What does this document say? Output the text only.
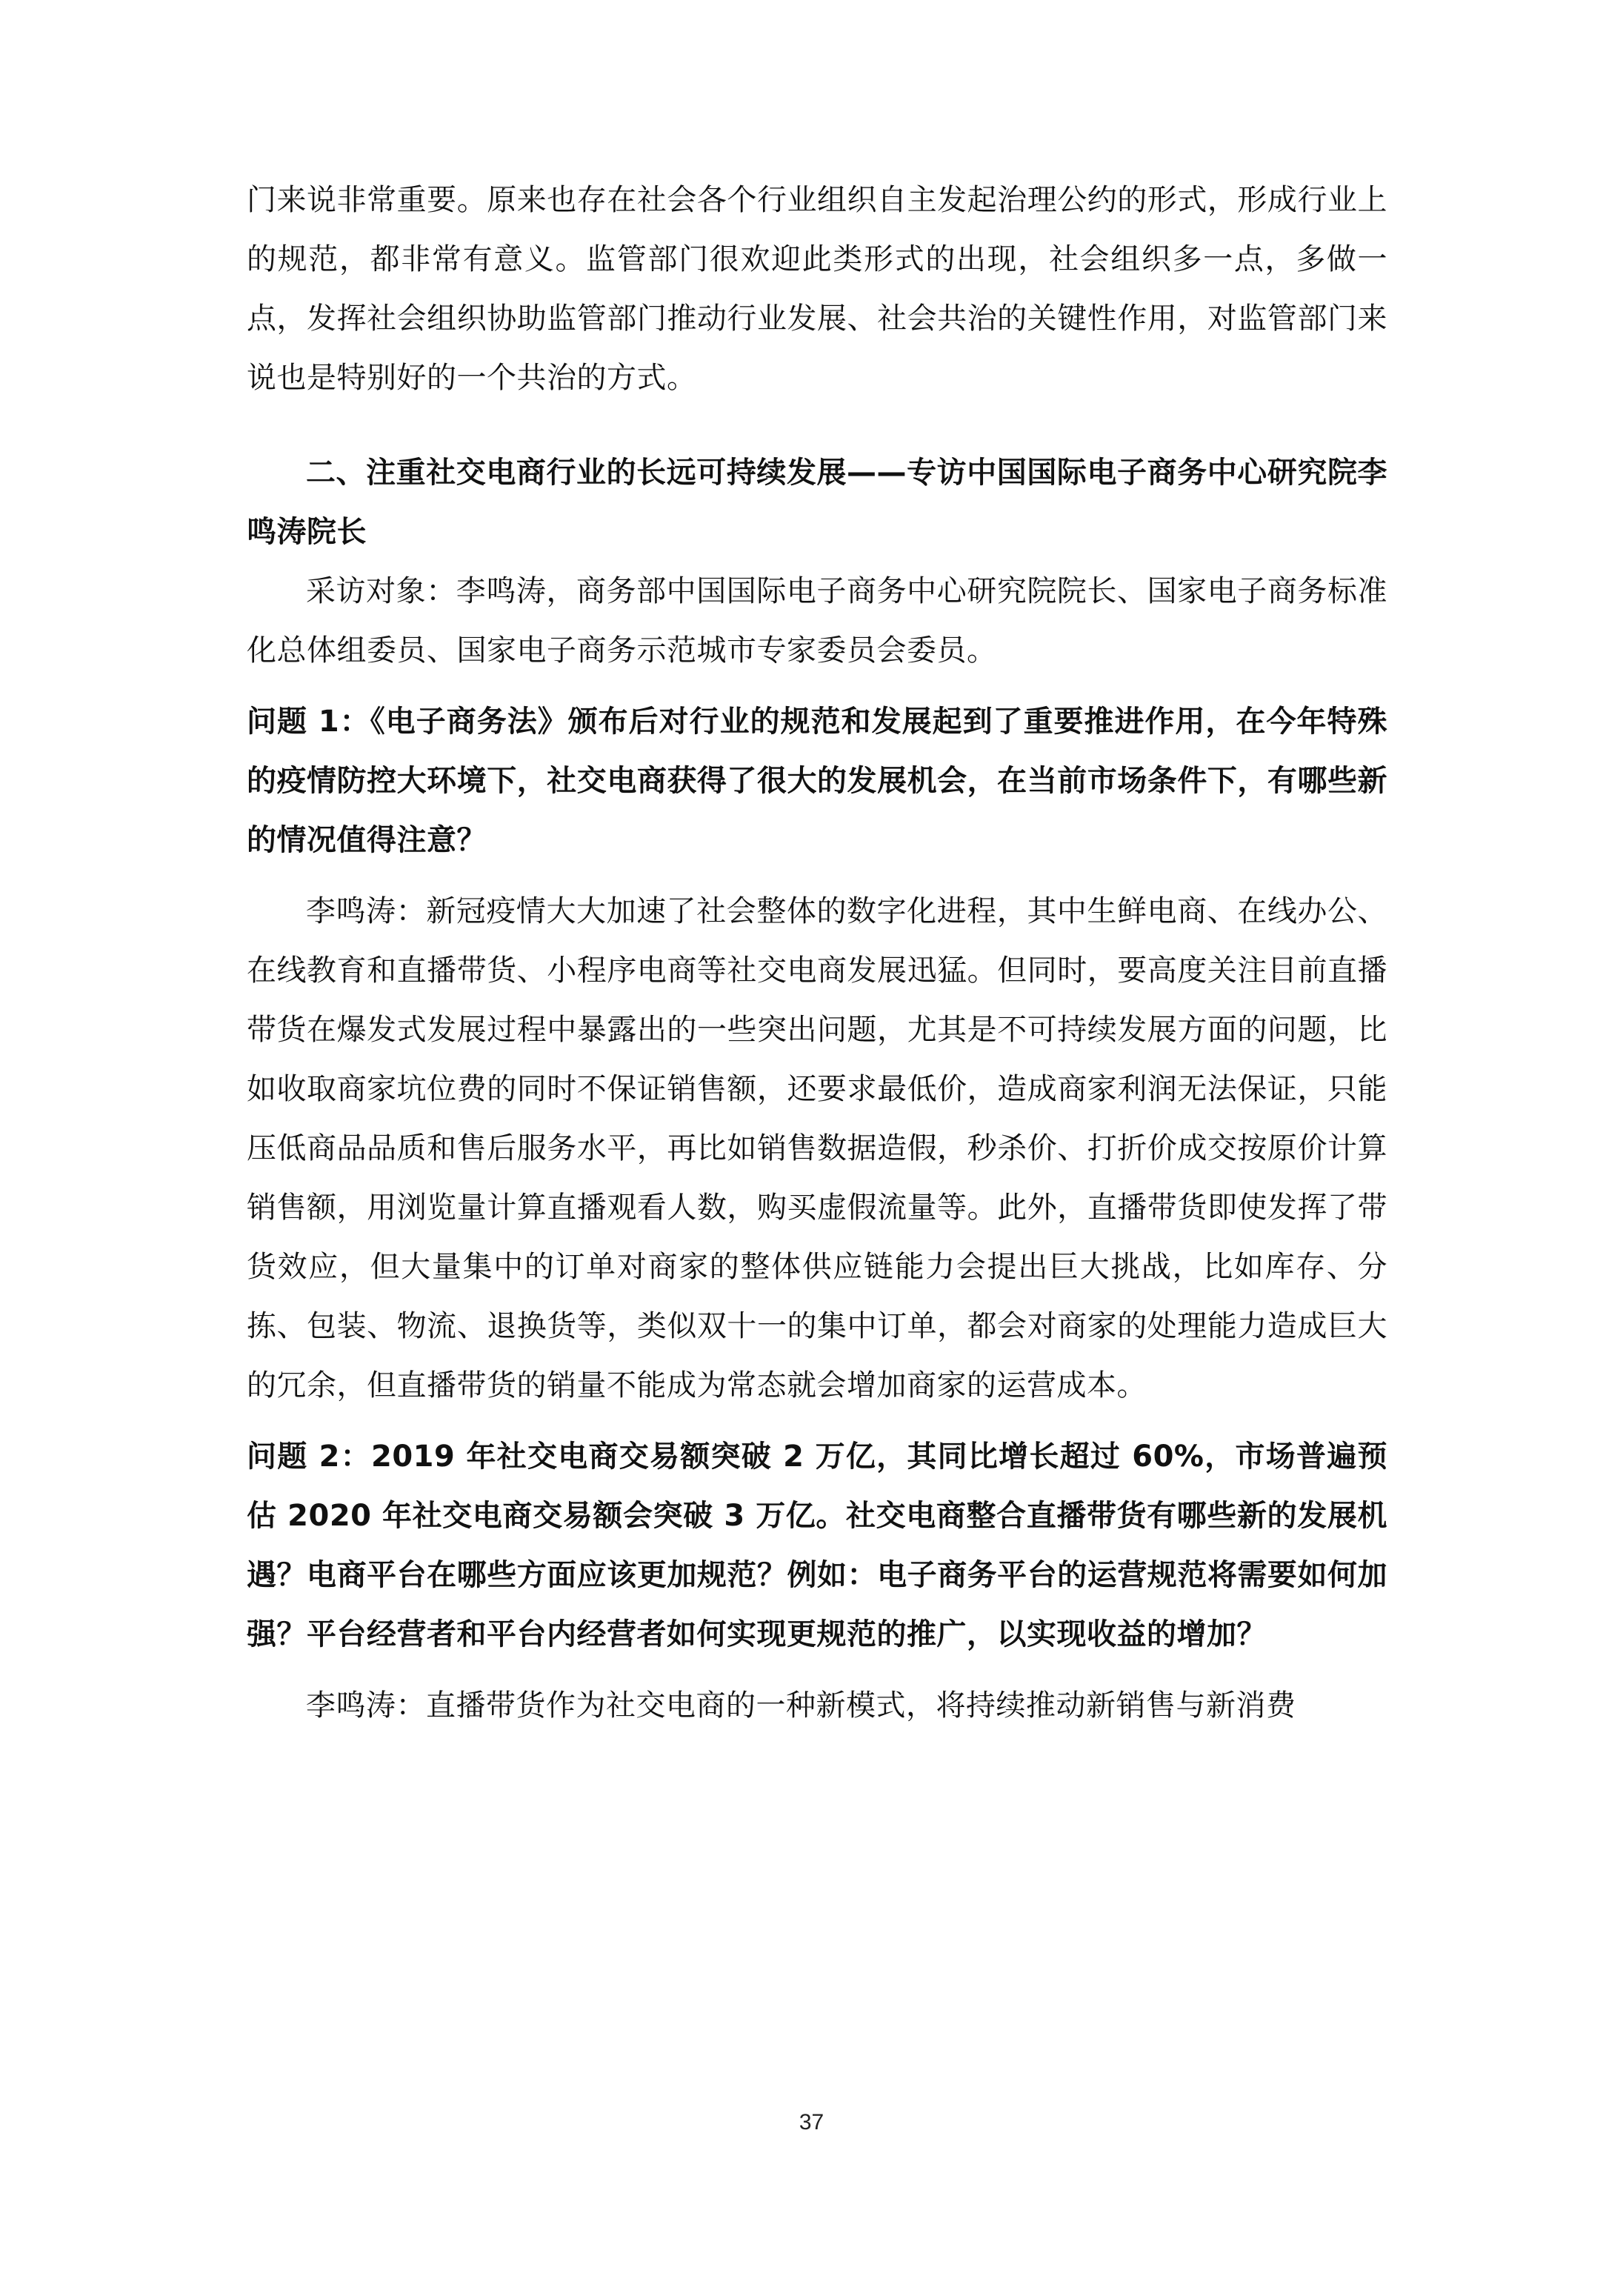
门来说非常重要。原来也存在社会各个行业组织自主发起治理公约的形式，形成行业上的规范，都非常有意义。监管部门很欢迎此类形式的出现，社会组织多一点，多做一点，发挥社会组织协助监管部门推动行业发展、社会共治的关键性作用，对监管部门来说也是特别好的一个共治的方式。

二、注重社交电商行业的长远可持续发展——专访中国国际电子商务中心研究院李鸣涛院长

采访对象：李鸣涛，商务部中国国际电子商务中心研究院院长、国家电子商务标准化总体组委员、国家电子商务示范城市专家委员会委员。

问题 1：《电子商务法》颁布后对行业的规范和发展起到了重要推进作用，在今年特殊的疫情防控大环境下，社交电商获得了很大的发展机会，在当前市场条件下，有哪些新的情况值得注意？

李鸣涛：新冠疫情大大加速了社会整体的数字化进程，其中生鲜电商、在线办公、在线教育和直播带货、小程序电商等社交电商发展迅猛。但同时，要高度关注目前直播带货在爆发式发展过程中暴露出的一些突出问题，尤其是不可持续发展方面的问题，比如收取商家坑位费的同时不保证销售额，还要求最低价，造成商家利润无法保证，只能压低商品品质和售后服务水平，再比如销售数据造假，秒杀价、打折价成交按原价计算销售额，用浏览量计算直播观看人数，购买虚假流量等。此外，直播带货即使发挥了带货效应，但大量集中的订单对商家的整体供应链能力会提出巨大挑战，比如库存、分拣、包装、物流、退换货等，类似双十一的集中订单，都会对商家的处理能力造成巨大的冗余，但直播带货的销量不能成为常态就会增加商家的运营成本。

问题 2：2019 年社交电商交易额突破 2 万亿，其同比增长超过 60%，市场普遍预估 2020 年社交电商交易额会突破 3 万亿。社交电商整合直播带货有哪些新的发展机遇？电商平台在哪些方面应该更加规范？例如：电子商务平台的运营规范将需要如何加强？平台经营者和平台内经营者如何实现更规范的推广，以实现收益的增加？

李鸣涛：直播带货作为社交电商的一种新模式，将持续推动新销售与新消费

37
